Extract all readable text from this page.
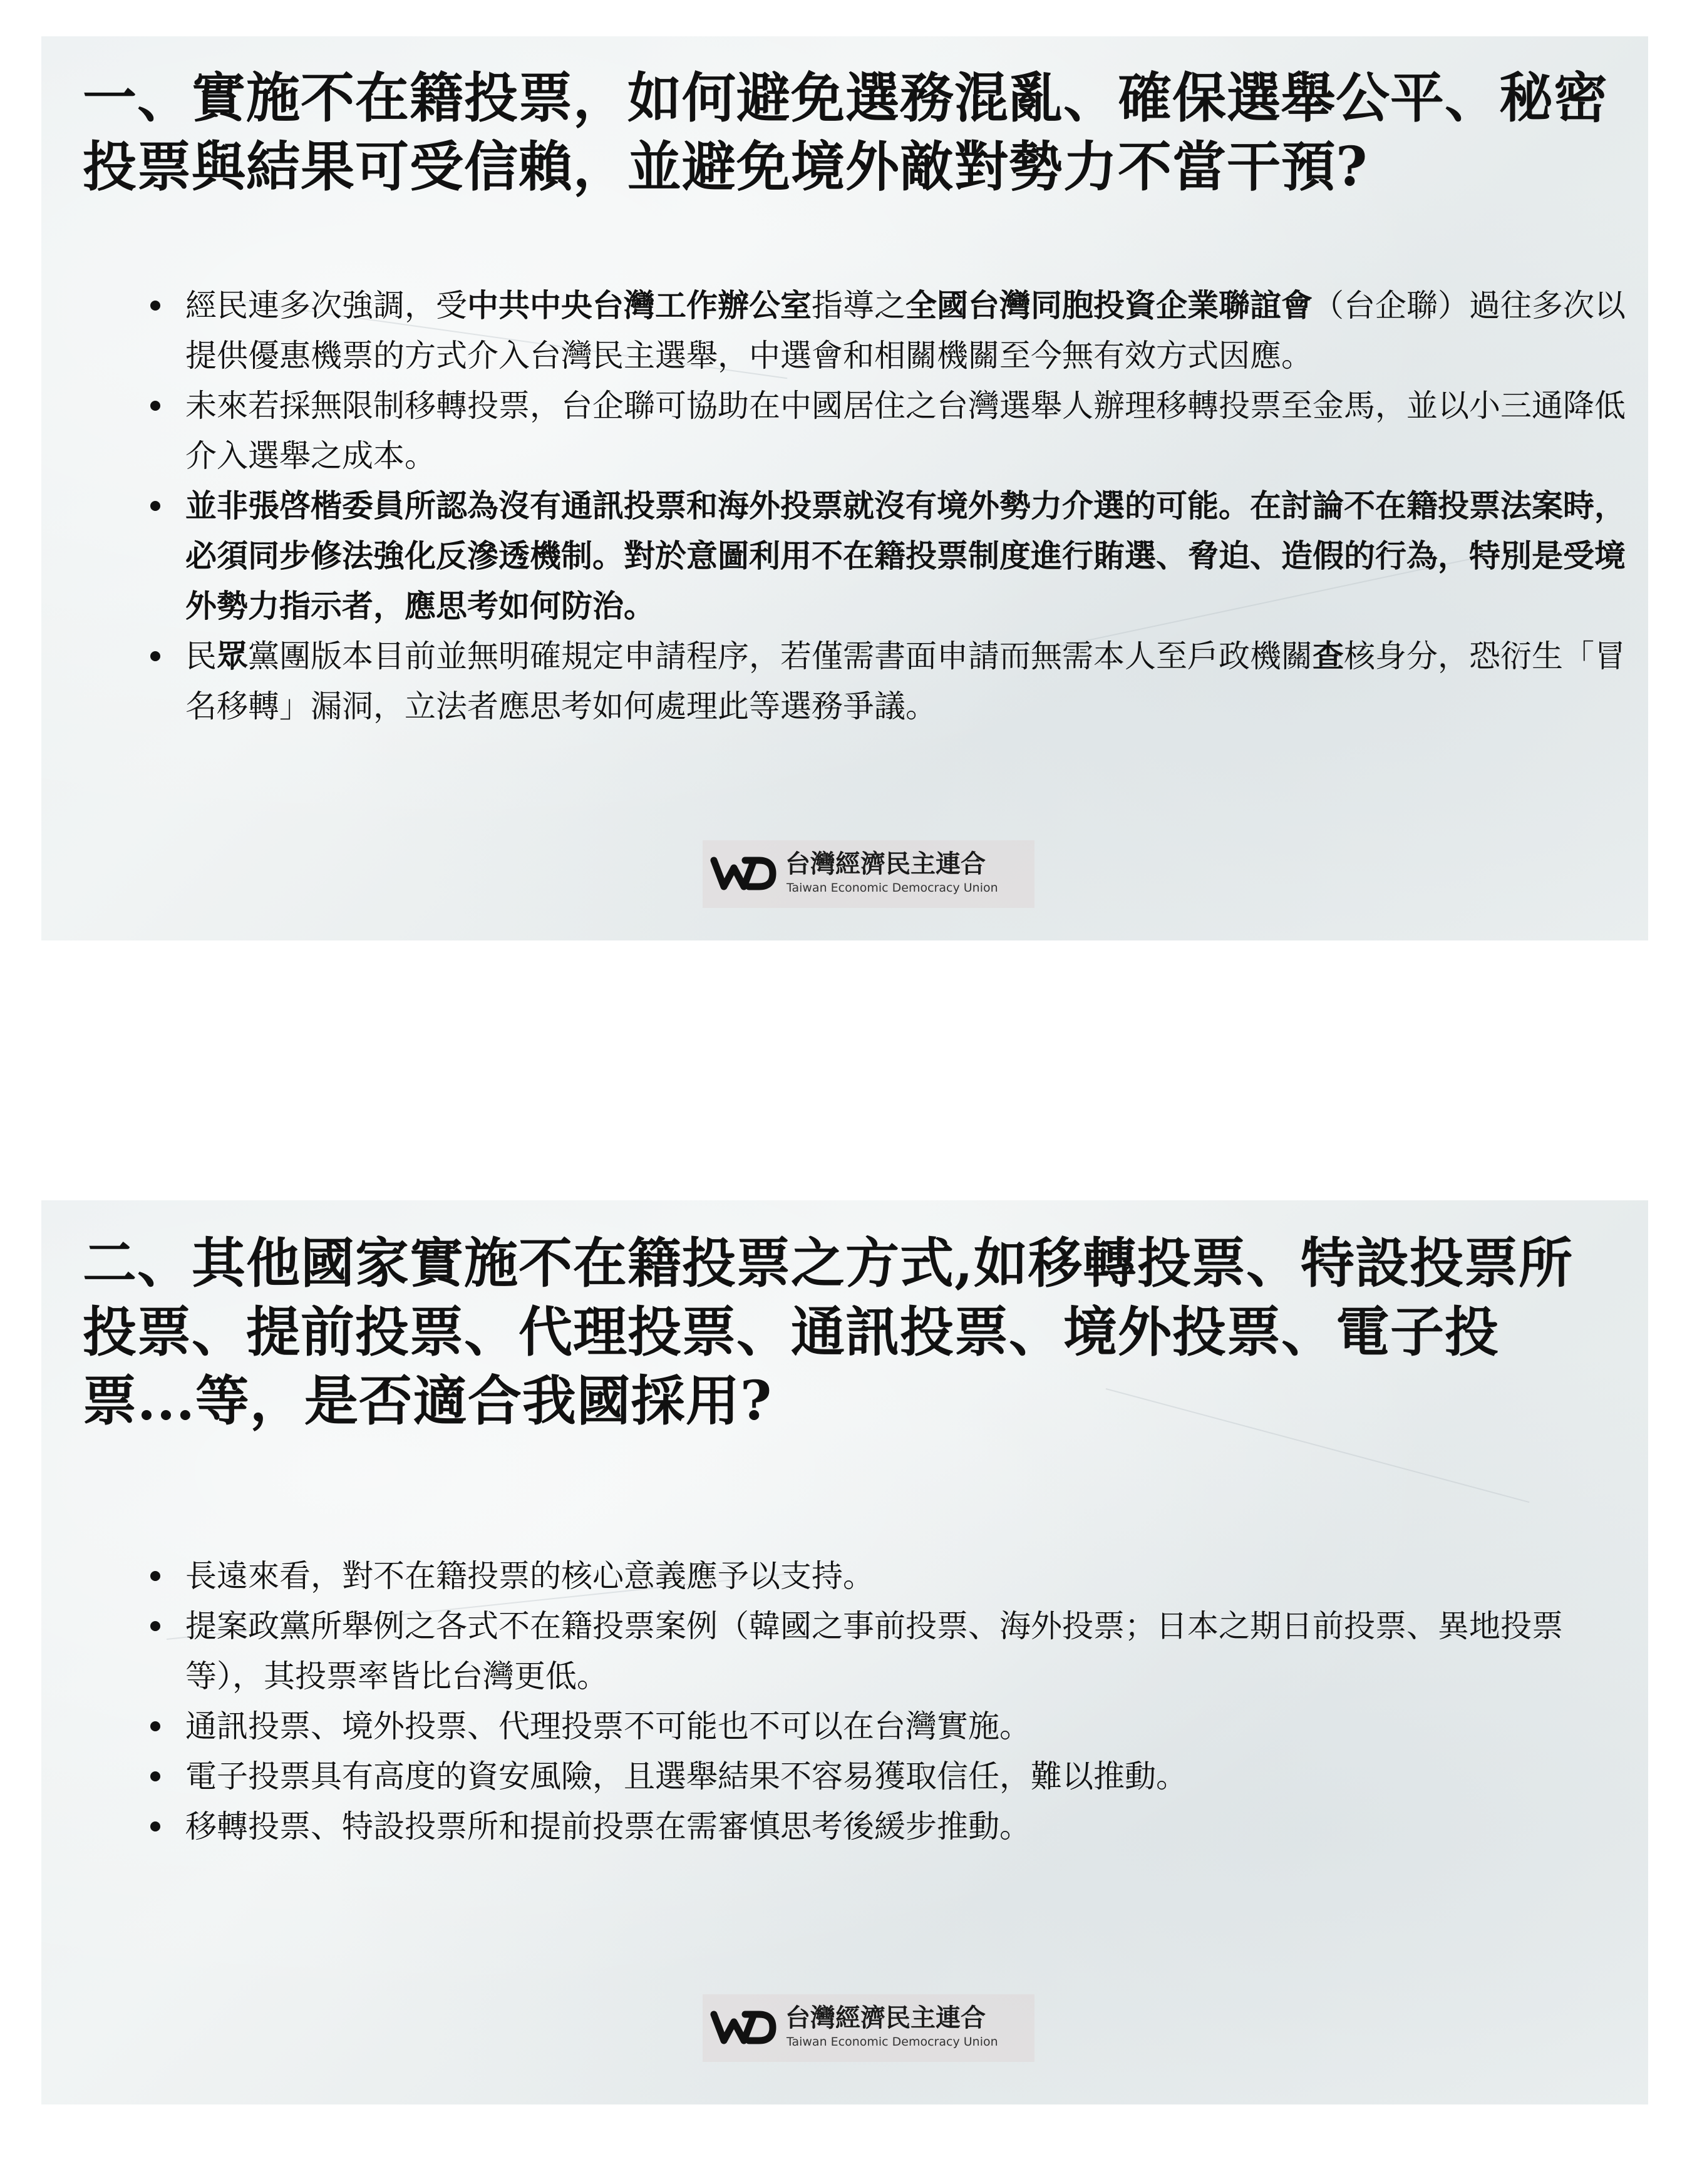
一、實施不在籍投票，如何避免選務混亂、確保選舉公平、秘密投票與結果可受信賴，並避免境外敵對勢力不當干預?
經民連多次強調，受中共中央台灣工作辦公室指導之全國台灣同胞投資企業聯誼會（台企聯）過往多次以提供優惠機票的方式介入台灣民主選舉，中選會和相關機關至今無有效方式因應。
未來若採無限制移轉投票，台企聯可協助在中國居住之台灣選舉人辦理移轉投票至金馬，並以小三通降低介入選舉之成本。
並非張啓楷委員所認為沒有通訊投票和海外投票就沒有境外勢力介選的可能。在討論不在籍投票法案時，必須同步修法強化反滲透機制。對於意圖利用不在籍投票制度進行賄選、脅迫、造假的行為，特別是受境外勢力指示者，應思考如何防治。
民眾黨團版本目前並無明確規定申請程序，若僅需書面申請而無需本人至戶政機關查核身分，恐衍生「冒名移轉」漏洞，立法者應思考如何處理此等選務爭議。
台灣經濟民主連合
Taiwan Economic Democracy Union
二、其他國家實施不在籍投票之方式,如移轉投票、特設投票所投票、提前投票、代理投票、通訊投票、境外投票、電子投票...等，是否適合我國採用?
長遠來看，對不在籍投票的核心意義應予以支持。
提案政黨所舉例之各式不在籍投票案例（韓國之事前投票、海外投票；日本之期日前投票、異地投票等），其投票率皆比台灣更低。
通訊投票、境外投票、代理投票不可能也不可以在台灣實施。
電子投票具有高度的資安風險，且選舉結果不容易獲取信任，難以推動。
移轉投票、特設投票所和提前投票在需審慎思考後緩步推動。
台灣經濟民主連合
Taiwan Economic Democracy Union
